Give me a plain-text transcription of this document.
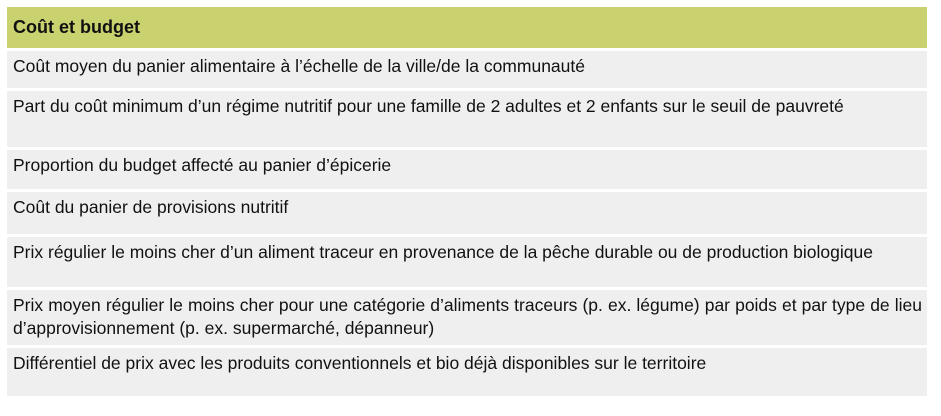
Coût et budget
Coût moyen du panier alimentaire à l’échelle de la ville/de la communauté
Part du coût minimum d’un régime nutritif pour une famille de 2 adultes et 2 enfants sur le seuil de pauvreté
Proportion du budget affecté au panier d’épicerie
Coût du panier de provisions nutritif
Prix régulier le moins cher d’un aliment traceur en provenance de la pêche durable ou de production biologique
Prix moyen régulier le moins cher pour une catégorie d’aliments traceurs (p. ex. légume) par poids et par type de lieu d’approvisionnement (p. ex. supermarché, dépanneur)
Différentiel de prix avec les produits conventionnels et bio déjà disponibles sur le territoire
